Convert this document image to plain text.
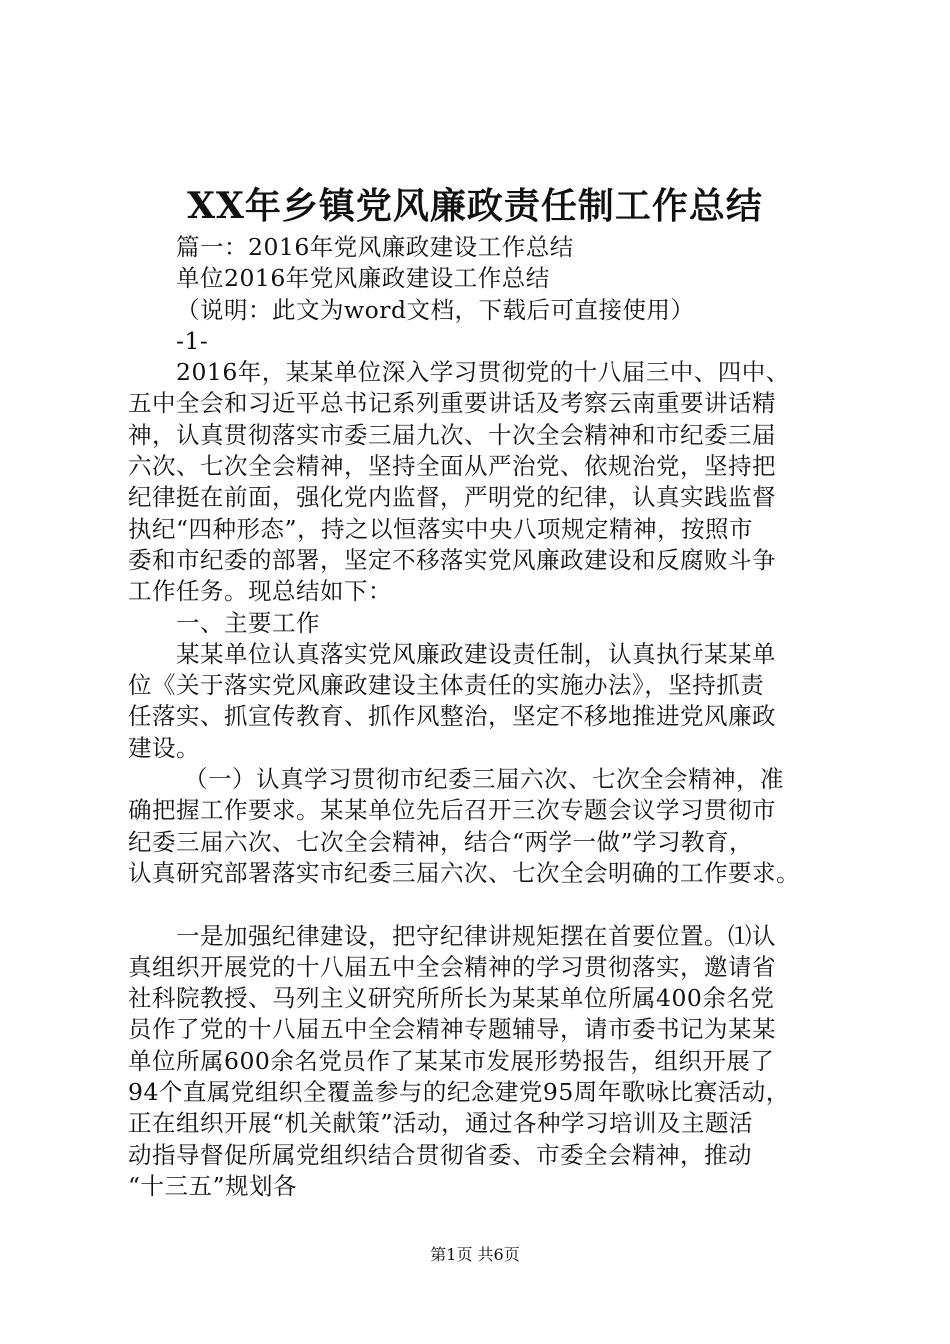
XX年乡镇党风廉政责任制工作总结
篇一：2016年党风廉政建设工作总结
单位2016年党风廉政建设工作总结
（说明：此文为word文档，下载后可直接使用）
-1-
2016年，某某单位深入学习贯彻党的十八届三中、四中、
五中全会和习近平总书记系列重要讲话及考察云南重要讲话精
神，认真贯彻落实市委三届九次、十次全会精神和市纪委三届
六次、七次全会精神，坚持全面从严治党、依规治党，坚持把
纪律挺在前面，强化党内监督，严明党的纪律，认真实践监督
执纪“四种形态”，持之以恒落实中央八项规定精神，按照市
委和市纪委的部署，坚定不移落实党风廉政建设和反腐败斗争
工作任务。现总结如下：
一、主要工作
某某单位认真落实党风廉政建设责任制，认真执行某某单
位《关于落实党风廉政建设主体责任的实施办法》，坚持抓责
任落实、抓宣传教育、抓作风整治，坚定不移地推进党风廉政
建设。
（一）认真学习贯彻市纪委三届六次、七次全会精神，准
确把握工作要求。某某单位先后召开三次专题会议学习贯彻市
纪委三届六次、七次全会精神，结合“两学一做”学习教育，
认真研究部署落实市纪委三届六次、七次全会明确的工作要求。
一是加强纪律建设，把守纪律讲规矩摆在首要位置。⑴认
真组织开展党的十八届五中全会精神的学习贯彻落实，邀请省
社科院教授、马列主义研究所所长为某某单位所属400余名党
员作了党的十八届五中全会精神专题辅导，请市委书记为某某
单位所属600余名党员作了某某市发展形势报告，组织开展了
94个直属党组织全覆盖参与的纪念建党95周年歌咏比赛活动，
正在组织开展“机关献策”活动，通过各种学习培训及主题活
动指导督促所属党组织结合贯彻省委、市委全会精神，推动
“十三五”规划各
第1页 共6页
